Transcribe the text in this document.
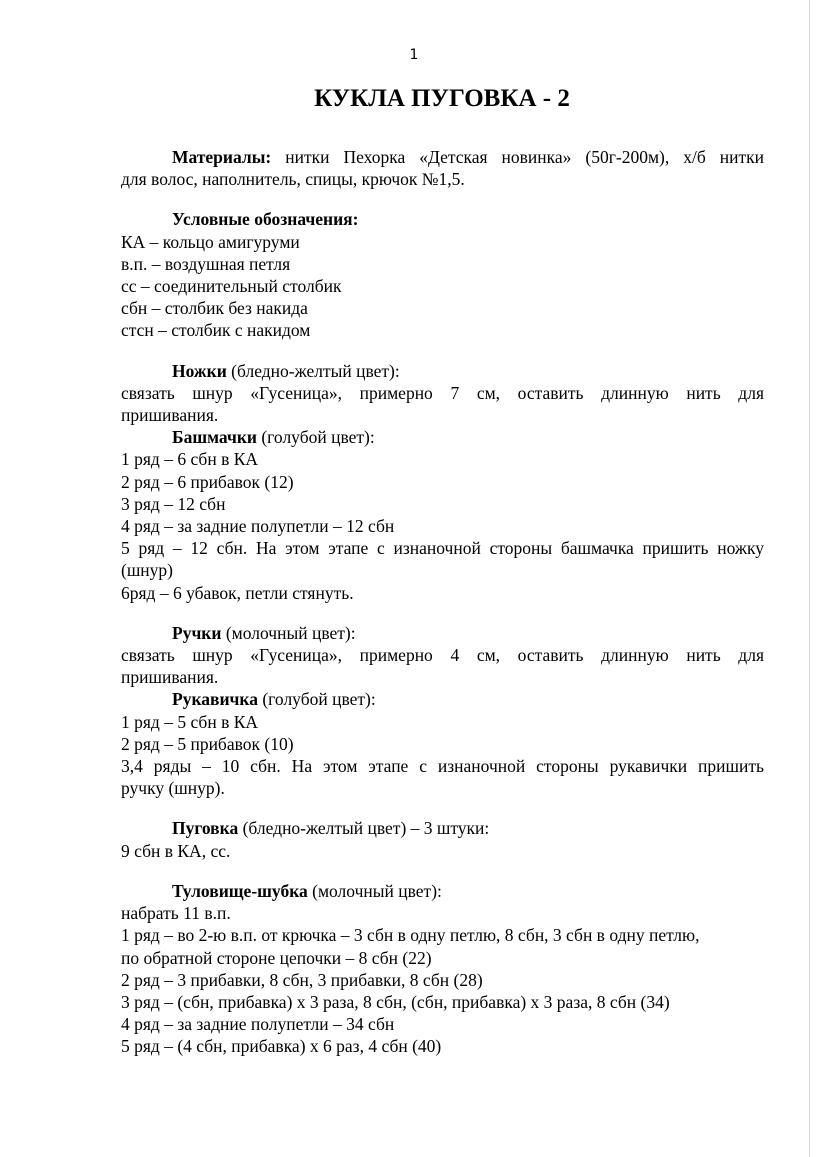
1
КУКЛА ПУГОВКА - 2
Материалы: нитки Пехорка «Детская новинка» (50г-200м), х/б нитки
для волос, наполнитель, спицы, крючок №1,5.
Условные обозначения:
КА – кольцо амигуруми
в.п. – воздушная петля
сс – соединительный столбик
сбн – столбик без накида
стсн – столбик с накидом
Ножки (бледно-желтый цвет):
связать шнур «Гусеница», примерно 7 см, оставить длинную нить для
пришивания.
Башмачки (голубой цвет):
1 ряд – 6 сбн в КА
2 ряд – 6 прибавок (12)
3 ряд – 12 сбн
4 ряд – за задние полупетли – 12 сбн
5 ряд – 12 сбн. На этом этапе с изнаночной стороны башмачка пришить ножку
(шнур)
6ряд – 6 убавок, петли стянуть.
Ручки (молочный цвет):
связать шнур «Гусеница», примерно 4 см, оставить длинную нить для
пришивания.
Рукавичка (голубой цвет):
1 ряд – 5 сбн в КА
2 ряд – 5 прибавок (10)
3,4 ряды – 10 сбн. На этом этапе с изнаночной стороны рукавички пришить
ручку (шнур).
Пуговка (бледно-желтый цвет) – 3 штуки:
9 сбн в КА, сс.
Туловище-шубка (молочный цвет):
набрать 11 в.п.
1 ряд – во 2-ю в.п. от крючка – 3 сбн в одну петлю, 8 сбн, 3 сбн в одну петлю,
по обратной стороне цепочки – 8 сбн (22)
2 ряд – 3 прибавки, 8 сбн, 3 прибавки, 8 сбн (28)
3 ряд – (сбн, прибавка) х 3 раза, 8 сбн, (сбн, прибавка) х 3 раза, 8 сбн (34)
4 ряд – за задние полупетли – 34 сбн
5 ряд – (4 сбн, прибавка) х 6 раз, 4 сбн (40)
